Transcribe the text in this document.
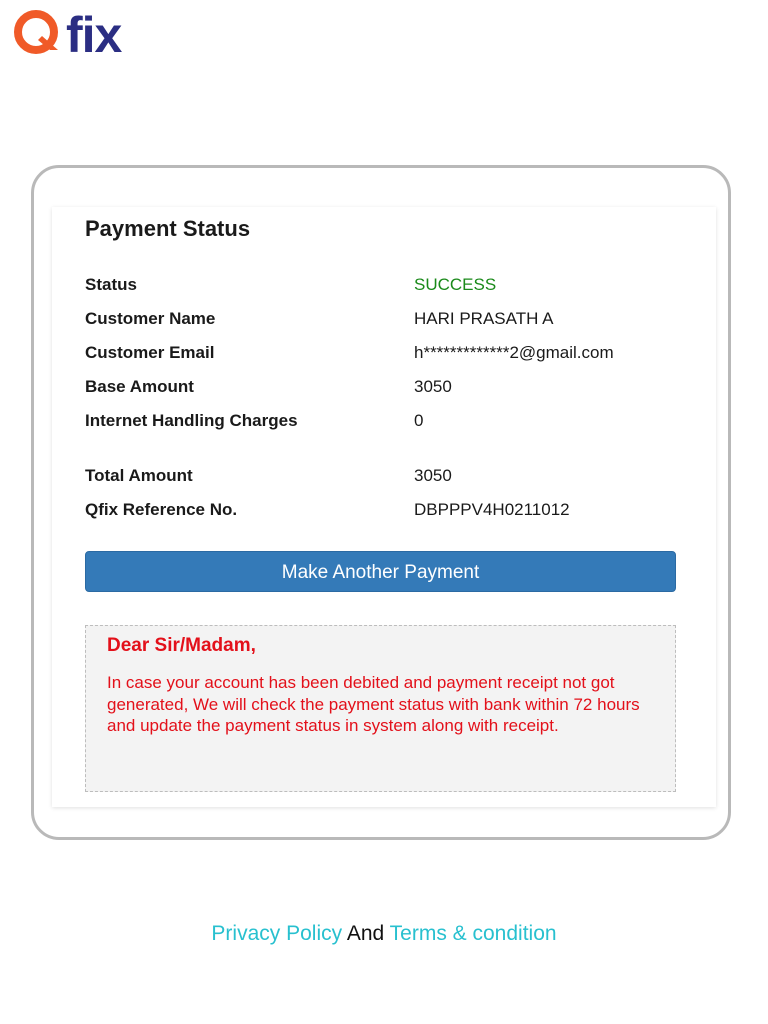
fix
Payment Status
Status	SUCCESS
Customer Name	HARI PRASATH A
Customer Email	h*************2@gmail.com
Base Amount	3050
Internet Handling Charges	0
Total Amount	3050
Qfix Reference No.	DBPPPV4H0211012
Make Another Payment

Dear Sir/Madam,

In case your account has been debited and payment receipt not got generated, We will check the payment status with bank within 72 hours and update the payment status in system along with receipt.

Privacy Policy And Terms & condition
